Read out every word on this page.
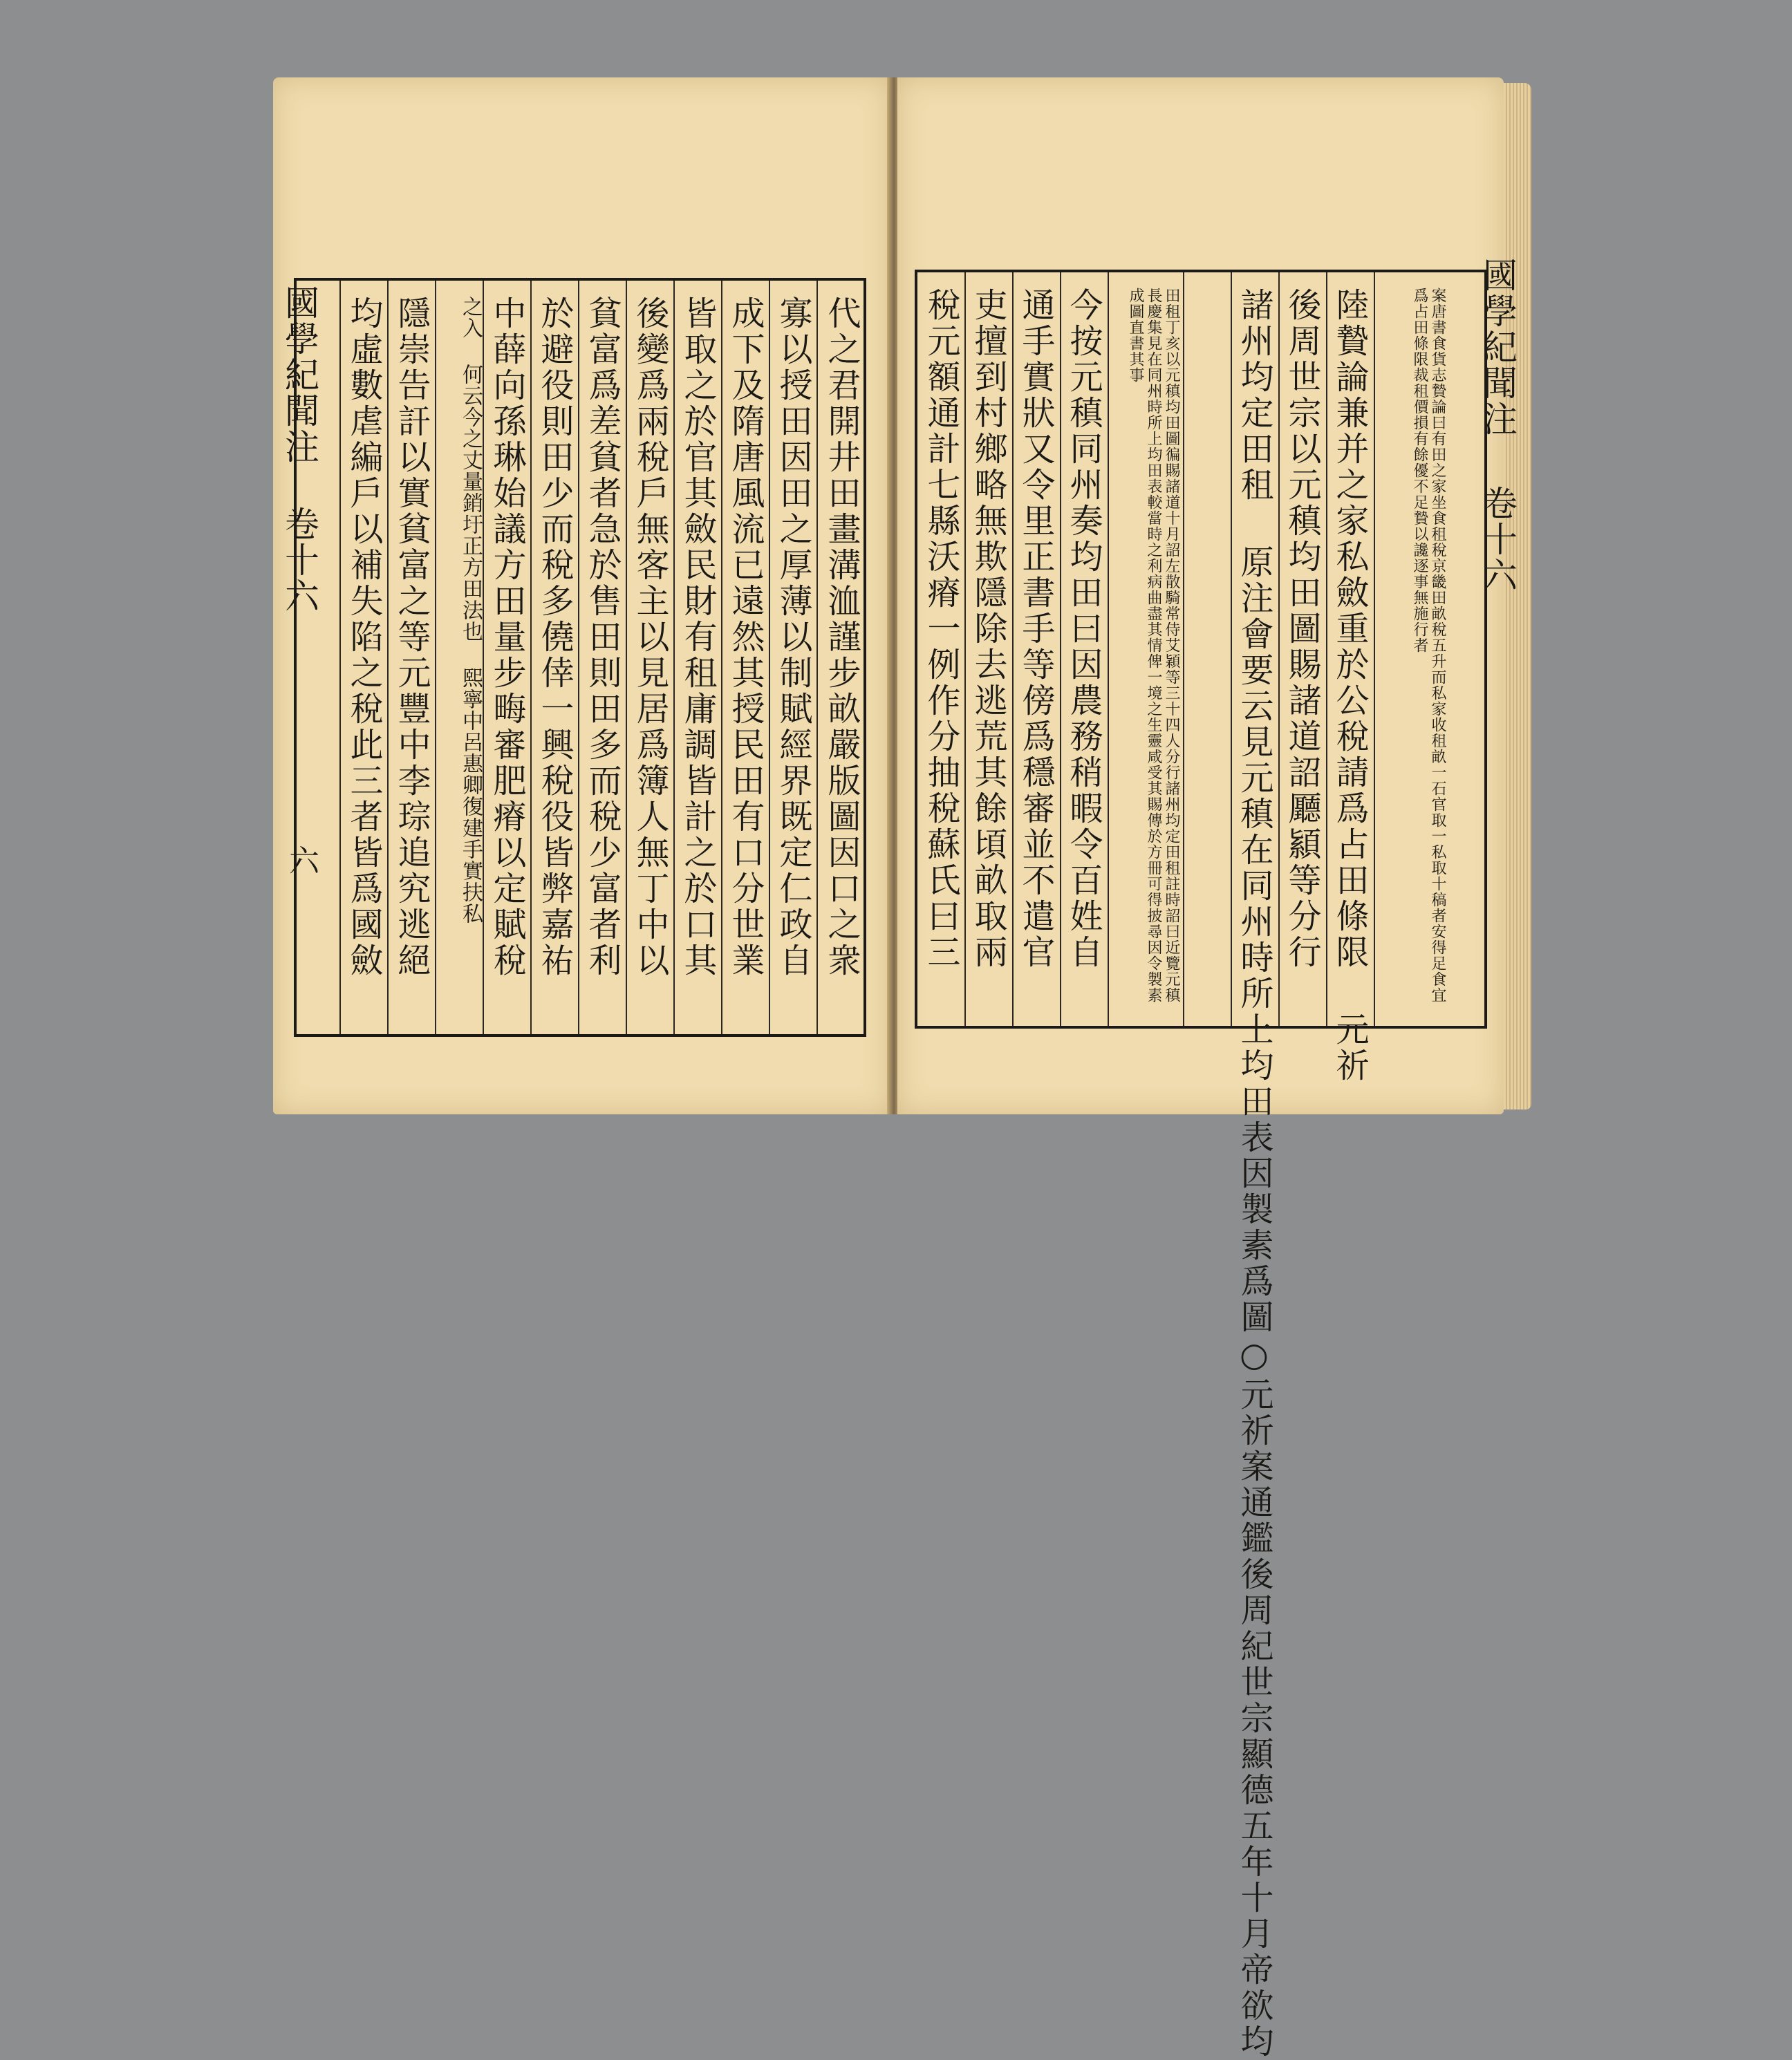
國學紀聞注
卷十六
六	代之君開井田畫溝洫謹步畝嚴版圖因口之衆
寡以授田因田之厚薄以制賦經界既定仁政自
成下及隋唐風流已遠然其授民田有口分世業
皆取之於官其斂民財有租庸調皆計之於口其
後變爲兩稅戶無客主以見居爲簿人無丁中以
貧富爲差貧者急於售田則田多而稅少富者利
於避役則田少而稅多僥倖一興稅役皆弊嘉祐
中薛向孫琳始議方田量步畮審肥瘠以定賦稅
之入 何云今之丈量銷圩正方田法也 熙寧中呂惠卿復建手實扶私
隱崇告訐以實貧富之等元豐中李琮追究逃絕
均虛數虐編戶以補失陷之稅此三者皆爲國斂	國學紀聞注
卷十六
案唐書食貨志贄論曰有田之家坐食租稅京畿田畝稅五升而私家收租畝一石官取一私取十稿者安得足食宜爲占田條限裁租價損有餘優不足贄以讒逐事無施行者
陸贄論兼并之家私斂重於公稅請爲占田條限 元祈
後周世宗以元稹均田圖賜諸道詔㕔顈等分行
諸州均定田租 原注會要云見元稹在同州時所上均田表因製素爲圖○元祈案通鑑後周紀世宗顯德五年十月帝欲均
田租丁亥以元稹均田圖徧賜諸道十月詔左散騎常侍艾穎等三十四人分行諸州均定田租註時詔曰近覽元稹長慶集見在同州時所上均田表較當時之利病曲盡其情俾一境之生靈咸受其賜傳於方冊可得披尋因令製素成圖直書其事
今按元稹同州奏均田曰因農務稍暇令百姓自
通手實狀又令里正書手等傍爲穩審並不遣官
吏擅到村鄉略無欺隱除去逃荒其餘頃畝取兩
稅元額通計七縣沃瘠一例作分抽稅蘇氏曰三
